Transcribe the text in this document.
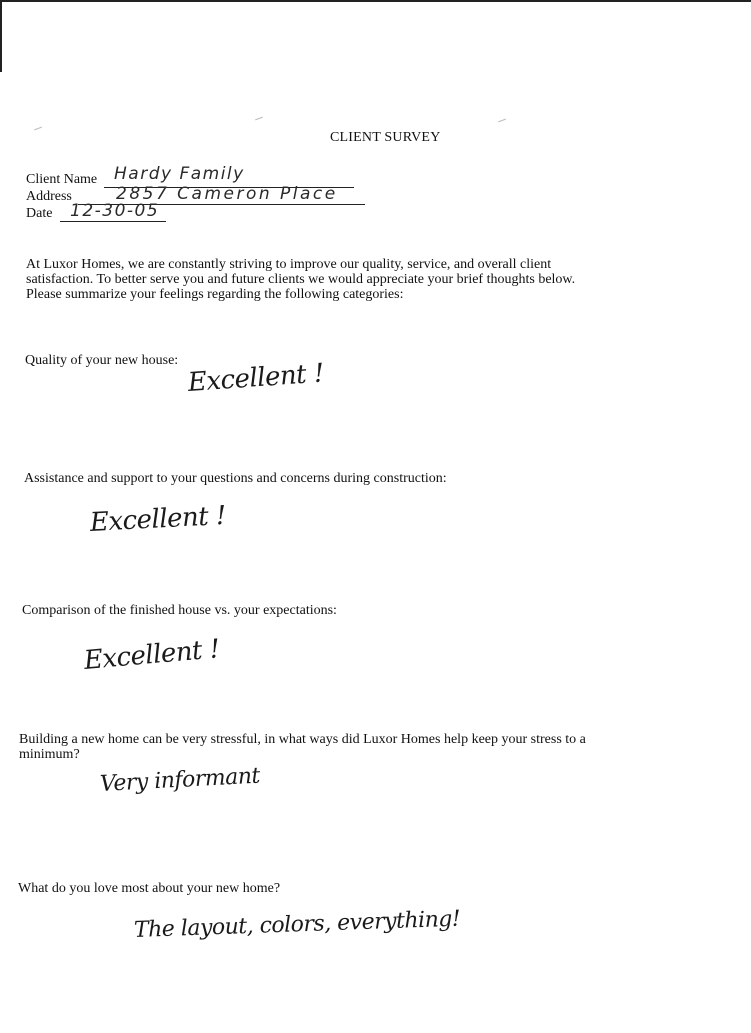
CLIENT SURVEY
Client Name Hardy Family
Address	2857 Cameron Place
Date 12-30-05

At Luxor Homes, we are constantly striving to improve our quality, service, and overall client

satisfaction. To better serve you and future clients we would appreciate your brief thoughts below.

Please summarize your feelings regarding the following categories:

Quality of your new house: Excellent !
Assistance and support to your questions and concerns during construction:
Excellent !
Comparison of the finished house vs. your expectations:
Excellent !
Building a new home can be very stressful, in what ways did Luxor Homes help keep your stress to a
minimum?
Very informant
What do you love most about your new home?
The layout, colors, everything!
